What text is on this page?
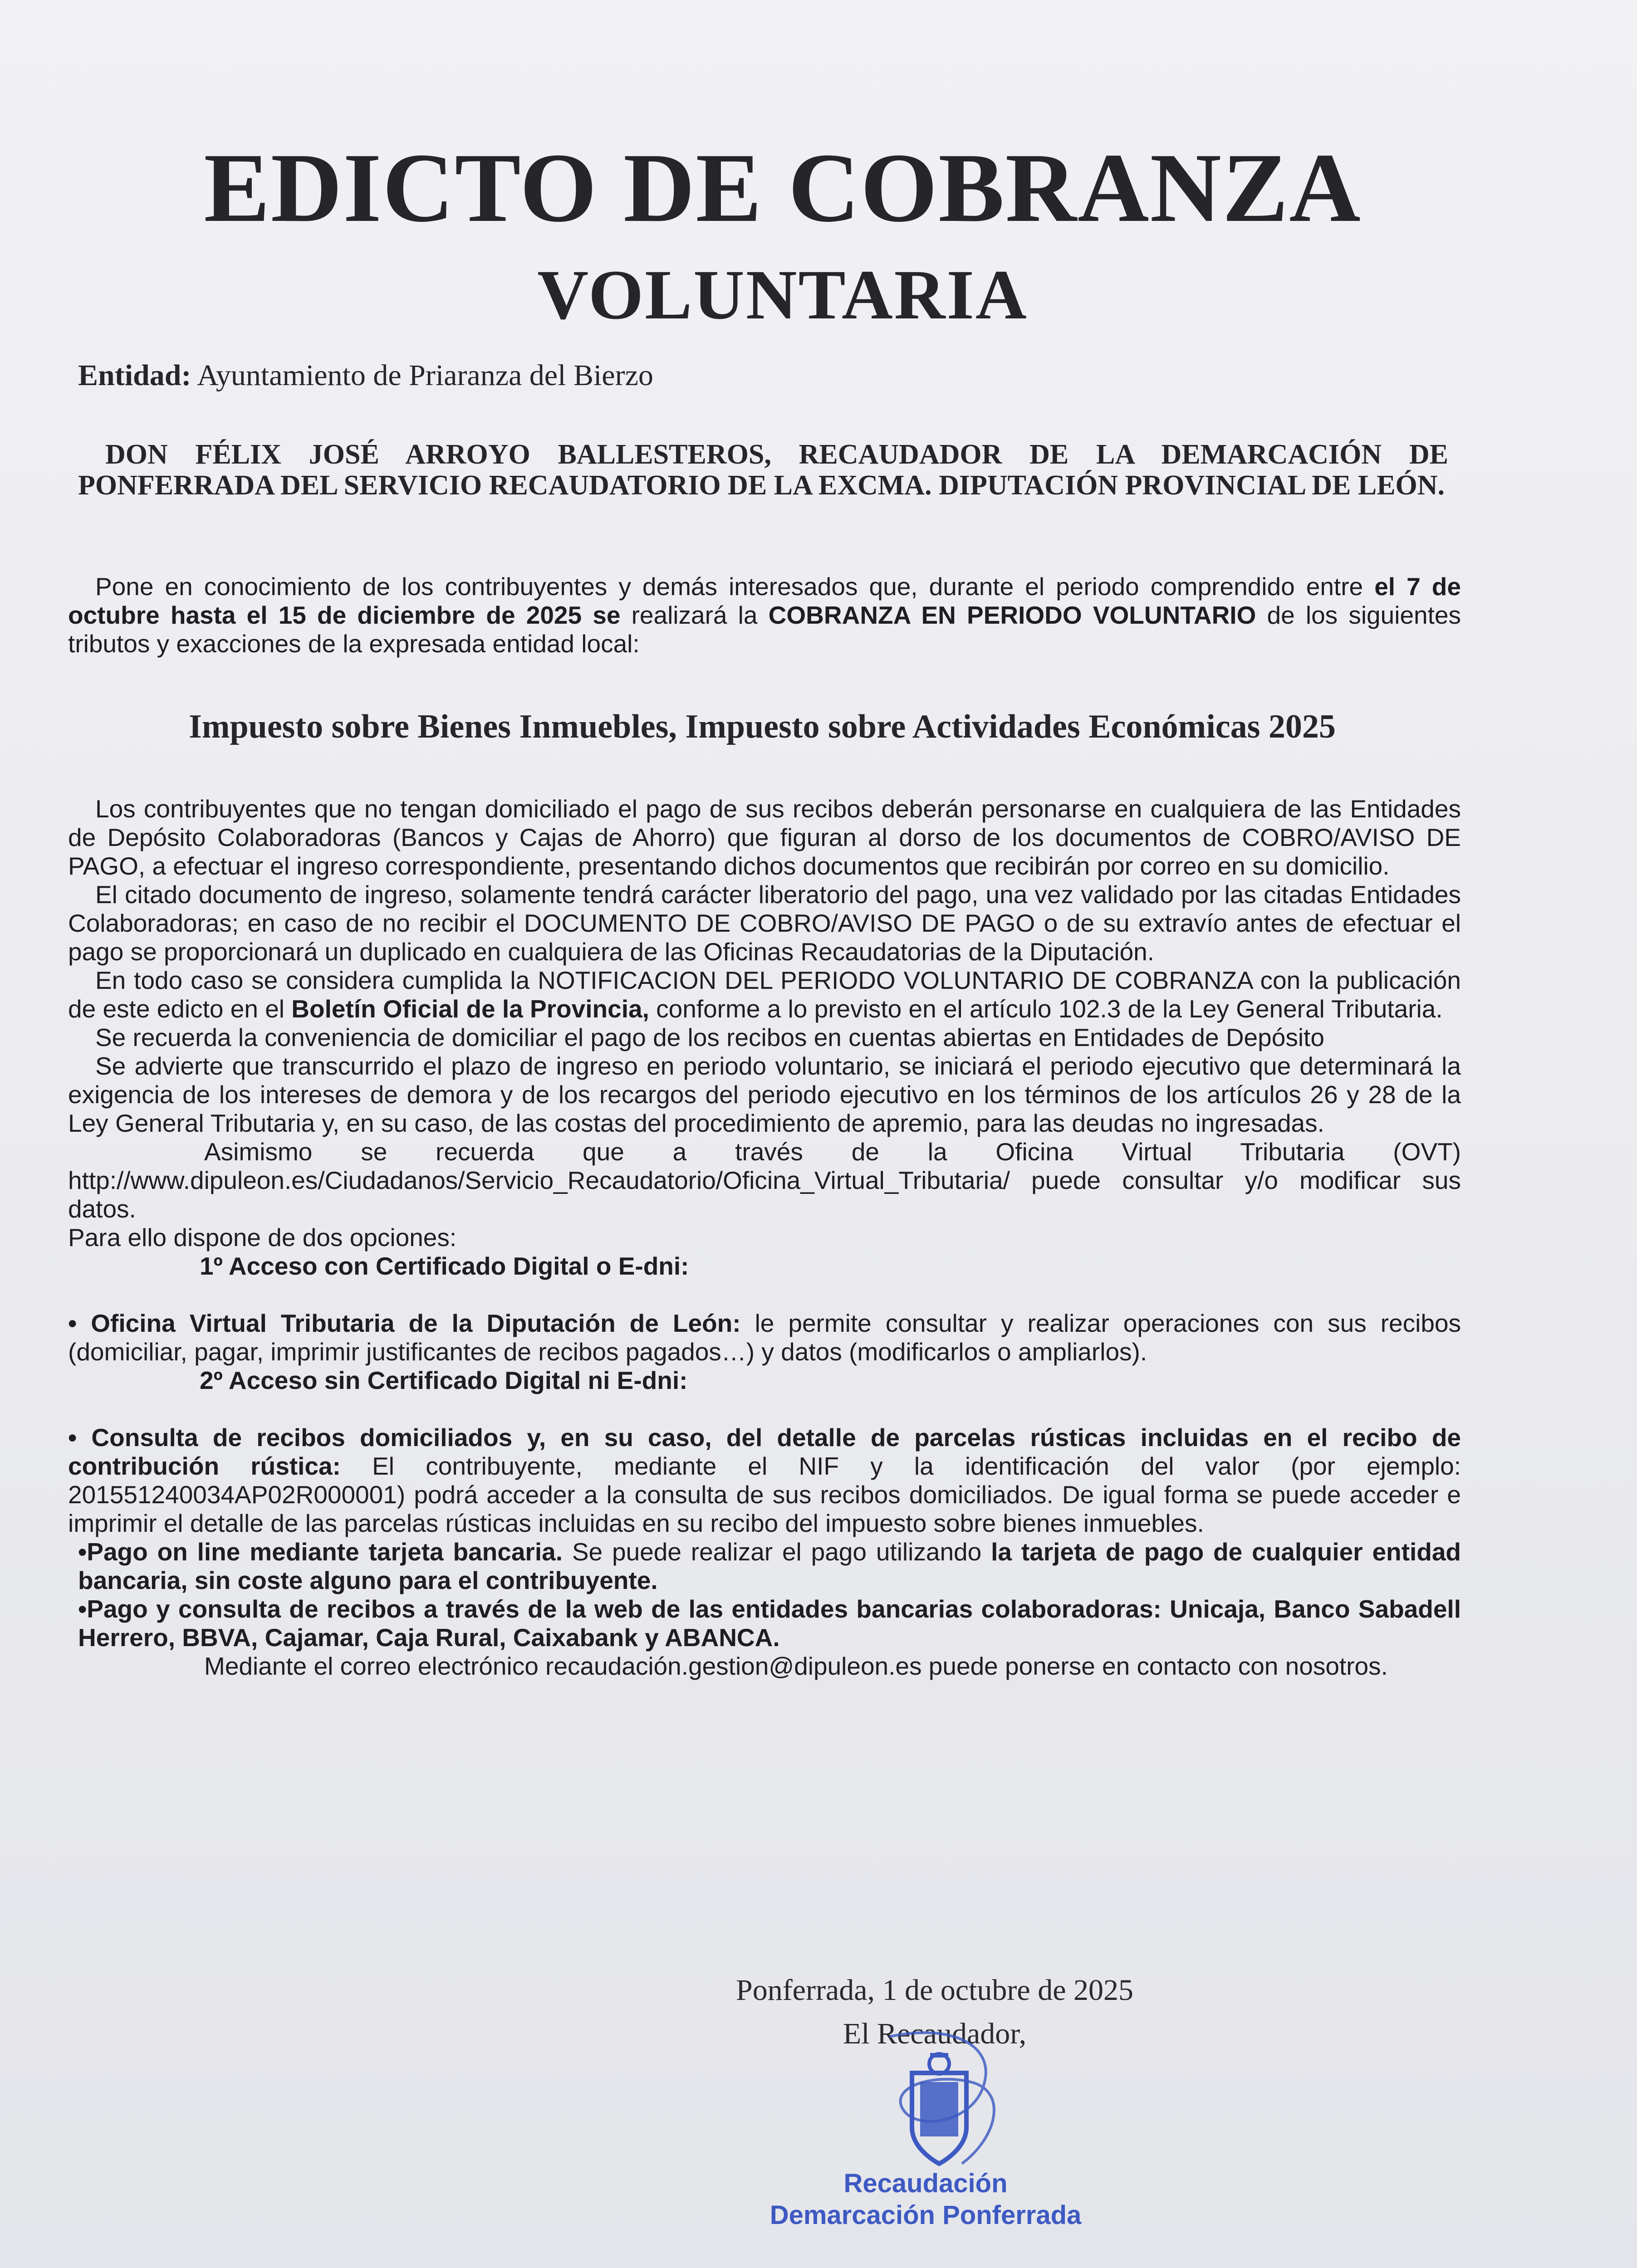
EDICTO DE COBRANZA
VOLUNTARIA
Entidad: Ayuntamiento de Priaranza del Bierzo
DON FÉLIX JOSÉ ARROYO BALLESTEROS, RECAUDADOR DE LA DEMARCACIÓN DE PONFERRADA DEL SERVICIO RECAUDATORIO DE LA EXCMA. DIPUTACIÓN PROVINCIAL DE LEÓN.

Pone en conocimiento de los contribuyentes y demás interesados que, durante el periodo comprendido entre el 7 de octubre hasta el 15 de diciembre de 2025 se realizará la COBRANZA EN PERIODO VOLUNTARIO de los siguientes tributos y exacciones de la expresada entidad local:

Impuesto sobre Bienes Inmuebles, Impuesto sobre Actividades Económicas 2025

Los contribuyentes que no tengan domiciliado el pago de sus recibos deberán personarse en cualquiera de las Entidades de Depósito Colaboradoras (Bancos y Cajas de Ahorro) que figuran al dorso de los documentos de COBRO/AVISO DE PAGO, a efectuar el ingreso correspondiente, presentando dichos documentos que recibirán por correo en su domicilio.

El citado documento de ingreso, solamente tendrá carácter liberatorio del pago, una vez validado por las citadas Entidades Colaboradoras; en caso de no recibir el DOCUMENTO DE COBRO/AVISO DE PAGO o de su extravío antes de efectuar el pago se proporcionará un duplicado en cualquiera de las Oficinas Recaudatorias de la Diputación.

En todo caso se considera cumplida la NOTIFICACION DEL PERIODO VOLUNTARIO DE COBRANZA con la publicación de este edicto en el Boletín Oficial de la Provincia, conforme a lo previsto en el artículo 102.3 de la Ley General Tributaria.

Se recuerda la conveniencia de domiciliar el pago de los recibos en cuentas abiertas en Entidades de Depósito

Se advierte que transcurrido el plazo de ingreso en periodo voluntario, se iniciará el periodo ejecutivo que determinará la exigencia de los intereses de demora y de los recargos del periodo ejecutivo en los términos de los artículos 26 y 28 de la Ley General Tributaria y, en su caso, de las costas del procedimiento de apremio, para las deudas no ingresadas.

Asimismo se recuerda que a través de la Oficina Virtual Tributaria (OVT) http://www.dipuleon.es/Ciudadanos/Servicio_Recaudatorio/Oficina_Virtual_Tributaria/ puede consultar y/o modificar sus datos.

Para ello dispone de dos opciones:

1º Acceso con Certificado Digital o E-dni:

• Oficina Virtual Tributaria de la Diputación de León: le permite consultar y realizar operaciones con sus recibos (domiciliar, pagar, imprimir justificantes de recibos pagados…) y datos (modificarlos o ampliarlos).

2º Acceso sin Certificado Digital ni E-dni:

• Consulta de recibos domiciliados y, en su caso, del detalle de parcelas rústicas incluidas en el recibo de contribución rústica: El contribuyente, mediante el NIF y la identificación del valor (por ejemplo: 201551240034AP02R000001) podrá acceder a la consulta de sus recibos domiciliados. De igual forma se puede acceder e imprimir el detalle de las parcelas rústicas incluidas en su recibo del impuesto sobre bienes inmuebles.

•Pago on line mediante tarjeta bancaria. Se puede realizar el pago utilizando la tarjeta de pago de cualquier entidad bancaria, sin coste alguno para el contribuyente.

•Pago y consulta de recibos a través de la web de las entidades bancarias colaboradoras: Unicaja, Banco Sabadell Herrero, BBVA, Cajamar, Caja Rural, Caixabank y ABANCA.

Mediante el correo electrónico recaudación.gestion@dipuleon.es puede ponerse en contacto con nosotros.

Ponferrada, 1 de octubre de 2025
El Recaudador,
Recaudación
Demarcación Ponferrada
